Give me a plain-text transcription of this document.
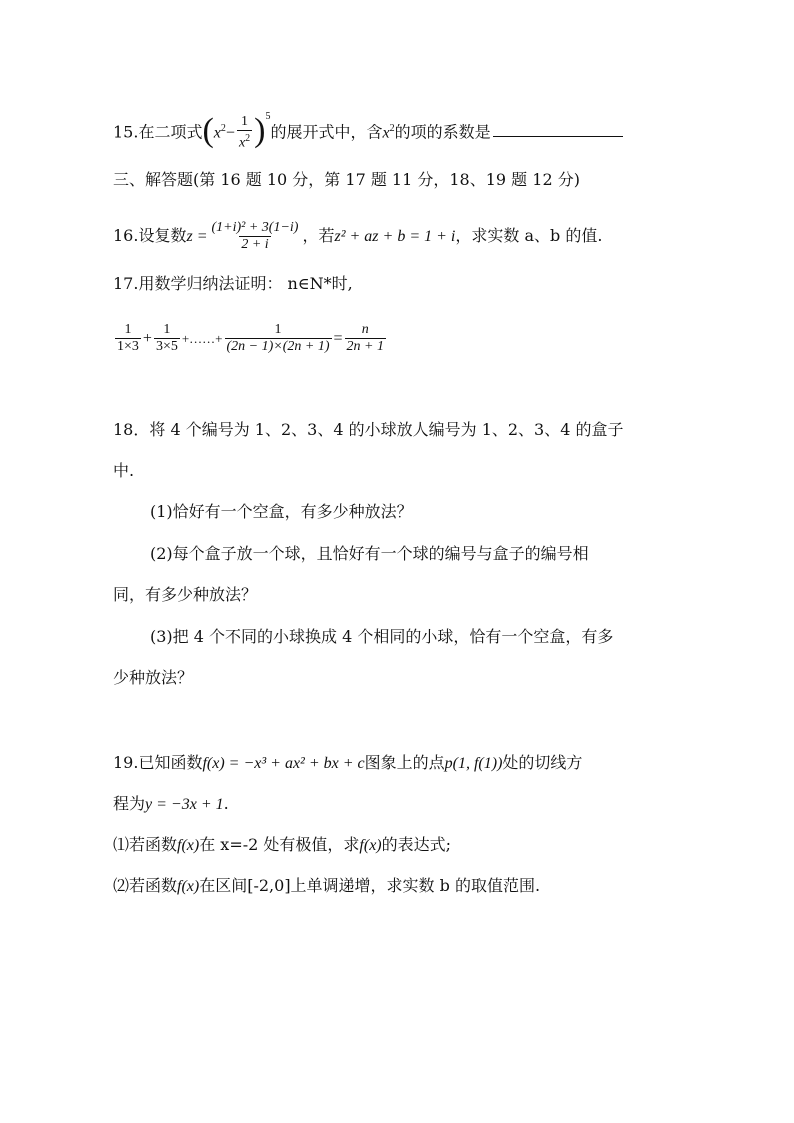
15.在二项式$(x^2- \frac{1}{x^2} )^5$的展开式中，含$x^2$的项的系数是
三、解答题(第 16 题 10 分，第 17 题 11 分，18、19 题 12 分)
16.设复数$z = \frac{\text{(1+i)² + 3(1−i)}}{2 + i}$ ，若z² + az + b = 1 + i，求实数 a、b 的值.
17.用数学归纳法证明： n∈N*时,
$\frac{1}{1\times 3} + \frac{1}{3\times 5}$ +……+ $\frac{1}{(2n - 1)\times(2n + 1)} = \frac{n}{2n + 1}$
18．将 4 个编号为 1、2、3、4 的小球放人编号为 1、2、3、4 的盒子
中.
(1)恰好有一个空盒，有多少种放法？
(2)每个盒子放一个球，且恰好有一个球的编号与盒子的编号相
同，有多少种放法？
(3)把 4 个不同的小球换成 4 个相同的小球，恰有一个空盒，有多
少种放法？
19.已知函数f(x) = −x³ + ax² + bx + c图象上的点p(1, f(1))处的切线方
程为y = −3x + 1.
⑴若函数f(x)在 x=-2 处有极值，求f(x)的表达式;
⑵若函数f(x)在区间[-2,0]上单调递增，求实数 b 的取值范围.
